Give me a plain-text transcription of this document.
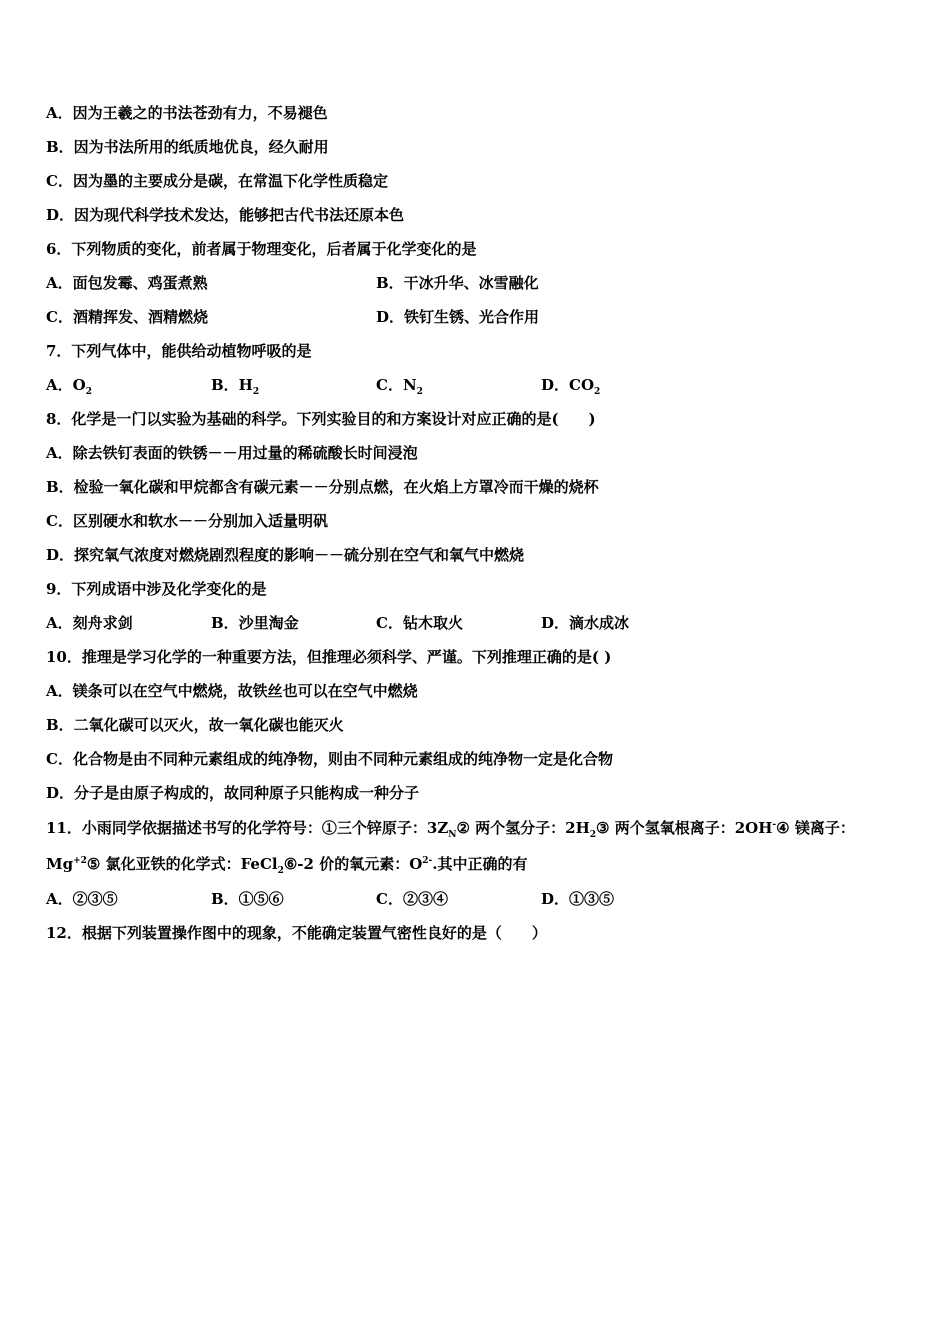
A．因为王羲之的书法苍劲有力，不易褪色
B．因为书法所用的纸质地优良，经久耐用
C．因为墨的主要成分是碳，在常温下化学性质稳定
D．因为现代科学技术发达，能够把古代书法还原本色
6．下列物质的变化，前者属于物理变化，后者属于化学变化的是
A．面包发霉、鸡蛋煮熟	B．干冰升华、冰雪融化
C．酒精挥发、酒精燃烧	D．铁钉生锈、光合作用
7．下列气体中，能供给动植物呼吸的是
A．$O_2$	B．$H_2$	C．$N_2$	D．$CO_2$
8．化学是一门以实验为基础的科学。下列实验目的和方案设计对应正确的是( )
A．除去铁钉表面的铁锈－－用过量的稀硫酸长时间浸泡
B．检验一氧化碳和甲烷都含有碳元素－－分别点燃，在火焰上方罩冷而干燥的烧杯
C．区别硬水和软水－－分别加入适量明矾
D．探究氧气浓度对燃烧剧烈程度的影响－－硫分别在空气和氧气中燃烧
9．下列成语中涉及化学变化的是
A．刻舟求剑	B．沙里淘金	C．钻木取火	D．滴水成冰
10．推理是学习化学的一种重要方法，但推理必须科学、严谨。下列推理正确的是( )
A．镁条可以在空气中燃烧，故铁丝也可以在空气中燃烧
B．二氧化碳可以灭火，故一氧化碳也能灭火
C．化合物是由不同种元素组成的纯净物，则由不同种元素组成的纯净物一定是化合物
D．分子是由原子构成的，故同种原子只能构成一种分子
11．小雨同学依据描述书写的化学符号：①三个锌原子：$3Z_N②$ 两个氢分子：$2H_2③$ 两个氢氧根离子：2OH-④ 镁离子：
$Mg^{+2}⑤$ 氯化亚铁的化学式：FeCl$_2$⑥-2 价的氧元素：$O^{2-}$.其中正确的有
A．②③⑤	B．①⑤⑥	C．②③④	D．①③⑤
12．根据下列装置操作图中的现象，不能确定装置气密性良好的是（ ）
